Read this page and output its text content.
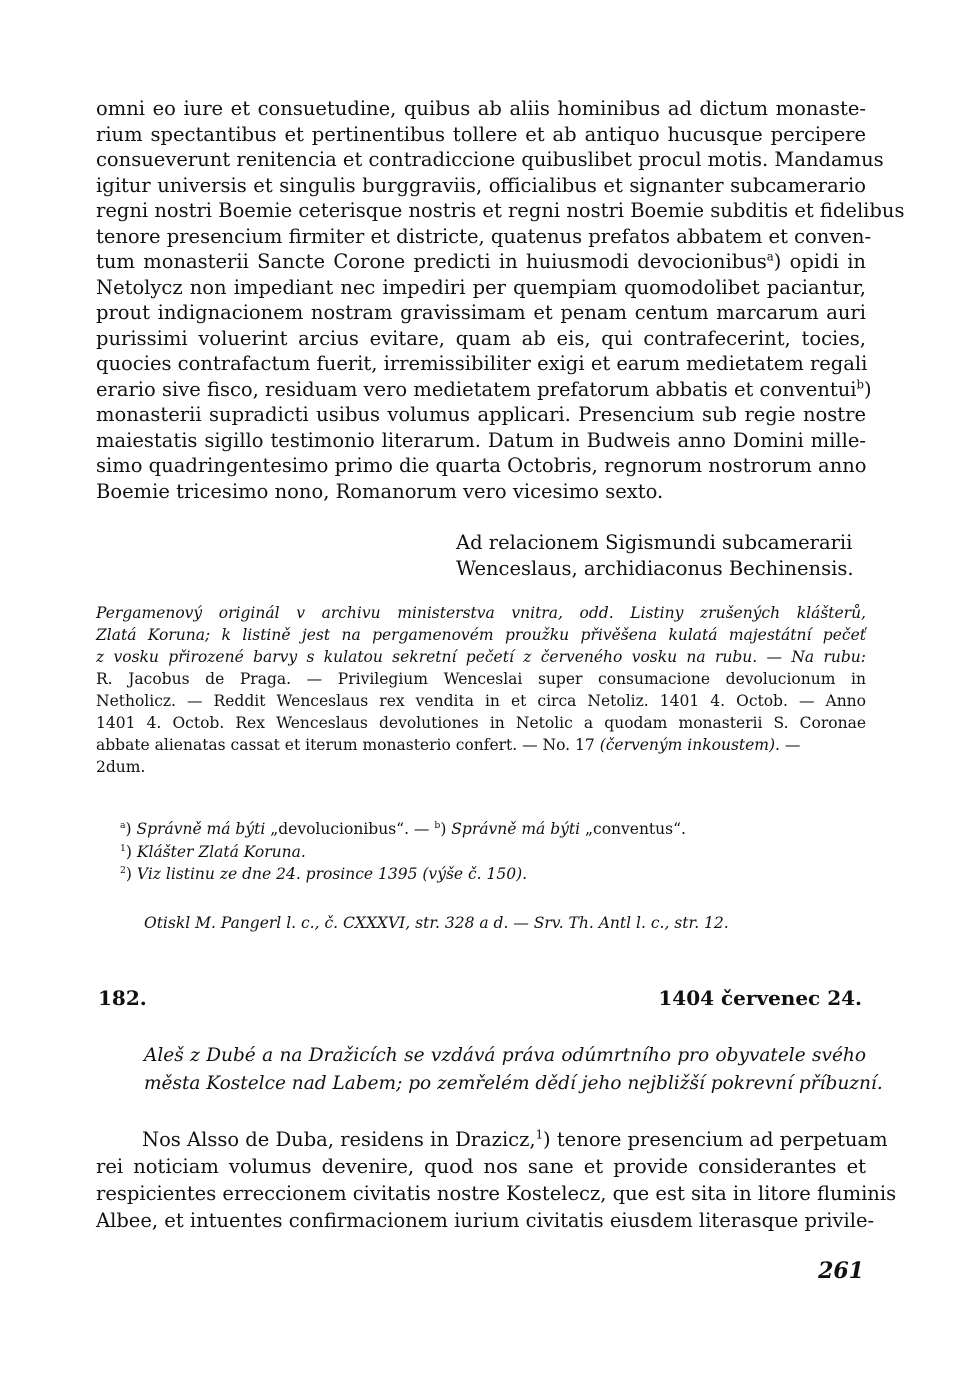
omni eo iure et consuetudine, quibus ab aliis hominibus ad dictum monaste-
rium spectantibus et pertinentibus tollere et ab antiquo hucusque percipere
consueverunt renitencia et contradiccione quibuslibet procul motis. Mandamus
igitur universis et singulis burggraviis, officialibus et signanter subcamerario
regni nostri Boemie ceterisque nostris et regni nostri Boemie subditis et fidelibus
tenore presencium firmiter et districte, quatenus prefatos abbatem et conven-
tum monasterii Sancte Corone predicti in huiusmodi devocionibus$^a$) opidi in
Netolycz non impediant nec impediri per quempiam quomodolibet paciantur,
prout indignacionem nostram gravissimam et penam centum marcarum auri
purissimi voluerint arcius evitare, quam ab eis, qui contrafecerint, tocies,
quocies contrafactum fuerit, irremissibiliter exigi et earum medietatem regali
erario sive fisco, residuam vero medietatem prefatorum abbatis et conventui$^b$)
monasterii supradicti usibus volumus applicari. Presencium sub regie nostre
maiestatis sigillo testimonio literarum. Datum in Budweis anno Domini mille-
simo quadringentesimo primo die quarta Octobris, regnorum nostrorum anno
Boemie tricesimo nono, Romanorum vero vicesimo sexto.
Ad relacionem Sigismundi subcamerarii
Wenceslaus, archidiaconus Bechinensis.
Pergamenový originál v archivu ministerstva vnitra, odd. Listiny zrušených klášterů,
Zlatá Koruna; k listině jest na pergamenovém proužku přivěšena kulatá majestátní pečeť
z vosku přirozené barvy s kulatou sekretní pečetí z červeného vosku na rubu. — Na rubu:
R. Jacobus de Praga. — Privilegium Wenceslai super consumacione devolucionum in
Netholicz. — Reddit Wenceslaus rex vendita in et circa Netoliz. 1401 4. Octob. — Anno
1401 4. Octob. Rex Wenceslaus devolutiones in Netolic a quodam monasterii S. Coronae
abbate alienatas cassat et iterum monasterio confert. — No. 17 (červeným inkoustem). —
2dum.
$^a$) Správně má býti „devolucionibus“. — $^b$) Správně má býti „conventus“.
$^1$) Klášter Zlatá Koruna.
$^2$) Viz listinu ze dne 24. prosince 1395 (výše č. 150).
Otiskl M. Pangerl l. c., č. CXXXVI, str. 328 a d. — Srv. Th. Antl l. c., str. 12.
182.	1404 červenec 24.
Aleš z Dubé a na Dražicích se vzdává práva odúmrtního pro obyvatele svého
města Kostelce nad Labem; po zemřelém dědí jeho nejbližší pokrevní příbuzní.
Nos Alsso de Duba, residens in Drazicz,$^1$) tenore presencium ad perpetuam
rei noticiam volumus devenire, quod nos sane et provide considerantes et
respicientes erreccionem civitatis nostre Kostelecz, que est sita in litore fluminis
Albee, et intuentes confirmacionem iurium civitatis eiusdem literasque privile-
261
